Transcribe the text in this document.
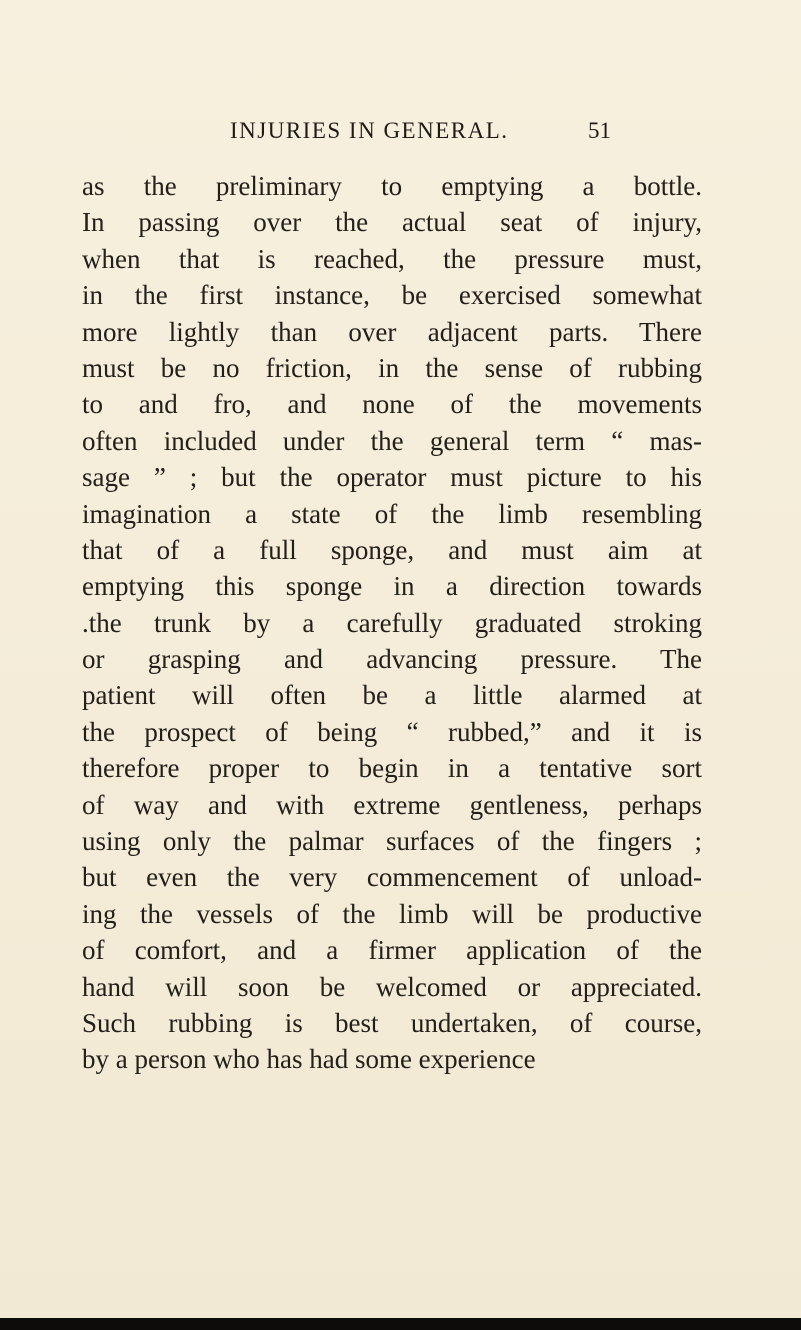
INJURIES IN GENERAL.	51
as the preliminary to emptying a bottle.
In passing over the actual seat of injury,
when that is reached, the pressure must,
in the first instance, be exercised somewhat
more lightly than over adjacent parts. There
must be no friction, in the sense of rubbing
to and fro, and none of the movements
often included under the general term “ mas-
sage ” ; but the operator must picture to his
imagination a state of the limb resembling
that of a full sponge, and must aim at
emptying this sponge in a direction towards
.the trunk by a carefully graduated stroking
or grasping and advancing pressure. The
patient will often be a little alarmed at
the prospect of being “ rubbed,” and it is
therefore proper to begin in a tentative sort
of way and with extreme gentleness, perhaps
using only the palmar surfaces of the fingers ;
but even the very commencement of unload-
ing the vessels of the limb will be productive
of comfort, and a firmer application of the
hand will soon be welcomed or appreciated.
Such rubbing is best undertaken, of course,
by a person who has had some experience
